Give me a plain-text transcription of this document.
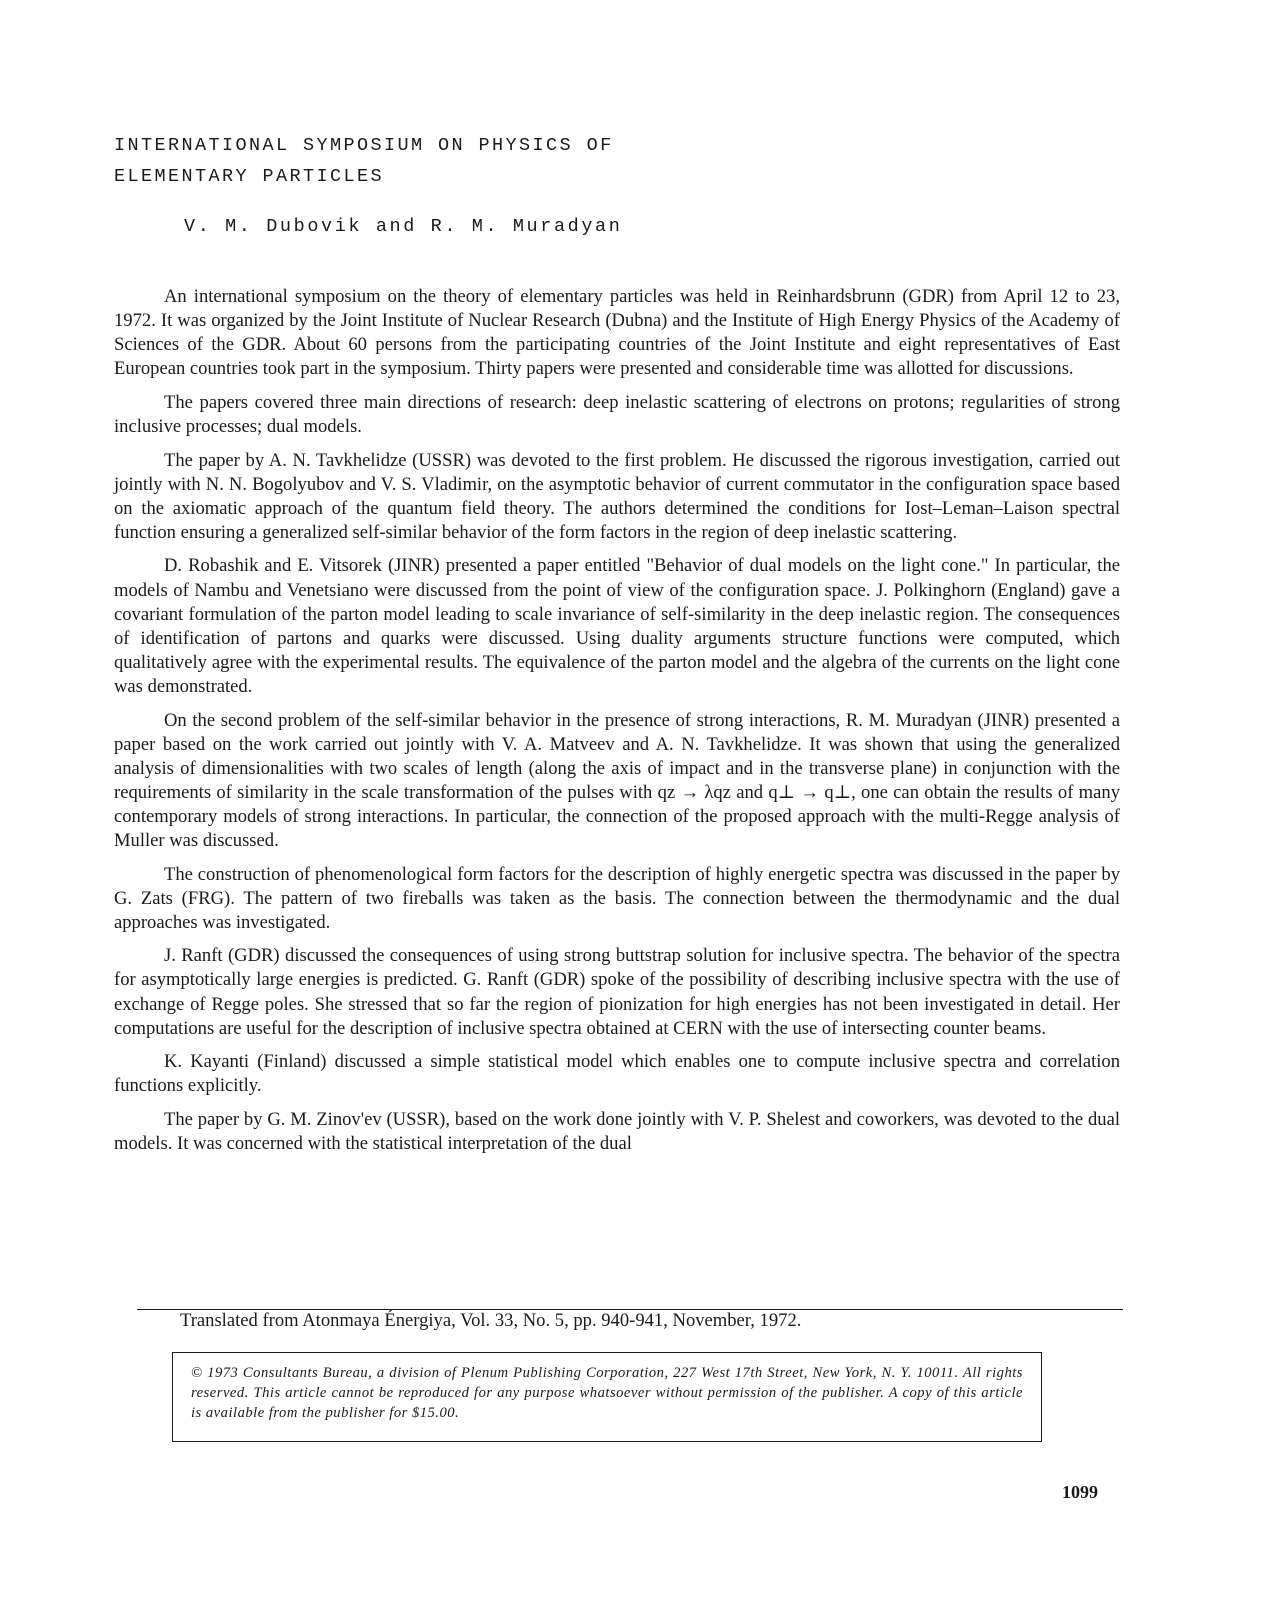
INTERNATIONAL SYMPOSIUM ON PHYSICS OF
ELEMENTARY PARTICLES

V. M. Dubovik and R. M. Muradyan

An international symposium on the theory of elementary particles was held in Reinhardsbrunn (GDR) from April 12 to 23, 1972. It was organized by the Joint Institute of Nuclear Research (Dubna) and the Institute of High Energy Physics of the Academy of Sciences of the GDR. About 60 persons from the participating countries of the Joint Institute and eight representatives of East European countries took part in the symposium. Thirty papers were presented and considerable time was allotted for discussions.

The papers covered three main directions of research: deep inelastic scattering of electrons on protons; regularities of strong inclusive processes; dual models.

The paper by A. N. Tavkhelidze (USSR) was devoted to the first problem. He discussed the rigorous investigation, carried out jointly with N. N. Bogolyubov and V. S. Vladimir, on the asymptotic behavior of current commutator in the configuration space based on the axiomatic approach of the quantum field theory. The authors determined the conditions for Iost–Leman–Laison spectral function ensuring a generalized self-similar behavior of the form factors in the region of deep inelastic scattering.

D. Robashik and E. Vitsorek (JINR) presented a paper entitled "Behavior of dual models on the light cone." In particular, the models of Nambu and Venetsiano were discussed from the point of view of the configuration space. J. Polkinghorn (England) gave a covariant formulation of the parton model leading to scale invariance of self-similarity in the deep inelastic region. The consequences of identification of partons and quarks were discussed. Using duality arguments structure functions were computed, which qualitatively agree with the experimental results. The equivalence of the parton model and the algebra of the currents on the light cone was demonstrated.

On the second problem of the self-similar behavior in the presence of strong interactions, R. M. Muradyan (JINR) presented a paper based on the work carried out jointly with V. A. Matveev and A. N. Tavkhelidze. It was shown that using the generalized analysis of dimensionalities with two scales of length (along the axis of impact and in the transverse plane) in conjunction with the requirements of similarity in the scale transformation of the pulses with qz → λqz and q⊥ → q⊥, one can obtain the results of many contemporary models of strong interactions. In particular, the connection of the proposed approach with the multi-Regge analysis of Muller was discussed.

The construction of phenomenological form factors for the description of highly energetic spectra was discussed in the paper by G. Zats (FRG). The pattern of two fireballs was taken as the basis. The connection between the thermodynamic and the dual approaches was investigated.

J. Ranft (GDR) discussed the consequences of using strong buttstrap solution for inclusive spectra. The behavior of the spectra for asymptotically large energies is predicted. G. Ranft (GDR) spoke of the possibility of describing inclusive spectra with the use of exchange of Regge poles. She stressed that so far the region of pionization for high energies has not been investigated in detail. Her computations are useful for the description of inclusive spectra obtained at CERN with the use of intersecting counter beams.

K. Kayanti (Finland) discussed a simple statistical model which enables one to compute inclusive spectra and correlation functions explicitly.

The paper by G. M. Zinov'ev (USSR), based on the work done jointly with V. P. Shelest and coworkers, was devoted to the dual models. It was concerned with the statistical interpretation of the dual

Translated from Atonmaya Énergiya, Vol. 33, No. 5, pp. 940-941, November, 1972.

© 1973 Consultants Bureau, a division of Plenum Publishing Corporation, 227 West 17th Street, New York, N. Y. 10011. All rights reserved. This article cannot be reproduced for any purpose whatsoever without permission of the publisher. A copy of this article is available from the publisher for $15.00.

1099
